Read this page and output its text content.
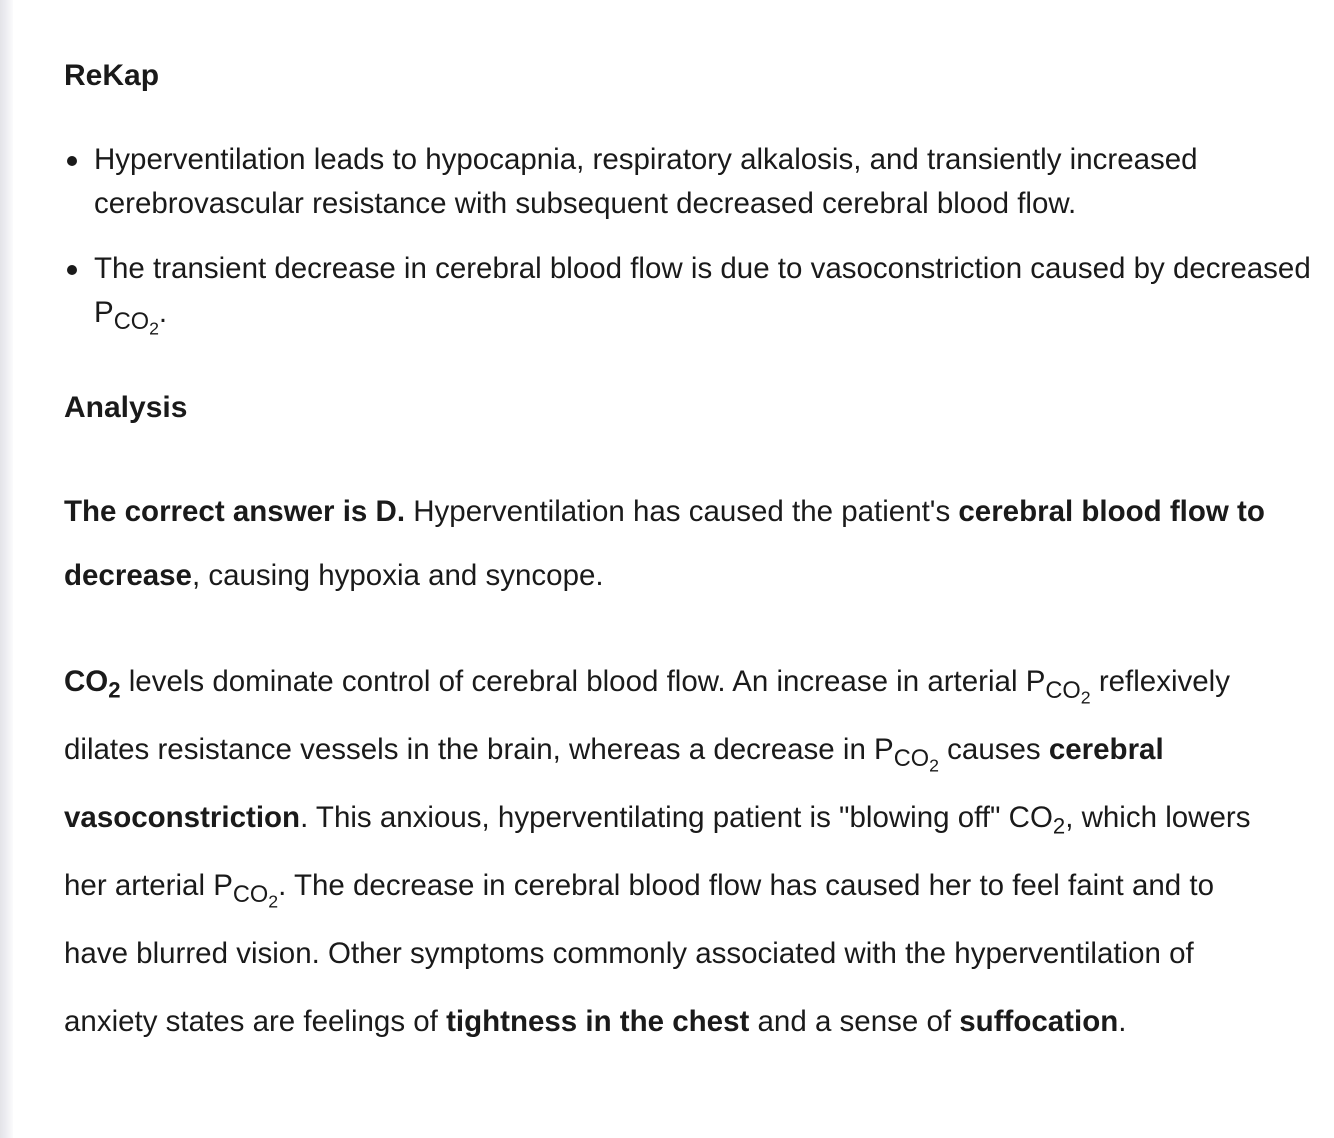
ReKap
Hyperventilation leads to hypocapnia, respiratory alkalosis, and transiently increased cerebrovascular resistance with subsequent decreased cerebral blood flow.
The transient decrease in cerebral blood flow is due to vasoconstriction caused by decreased $P_{CO_2}$.
Analysis

The correct answer is D. Hyperventilation has caused the patient's cerebral blood flow to decrease, causing hypoxia and syncope.

$CO_2$ levels dominate control of cerebral blood flow. An increase in arterial $P_{CO_2}$ reflexively dilates resistance vessels in the brain, whereas a decrease in $P_{CO_2}$ causes cerebral vasoconstriction. This anxious, hyperventilating patient is "blowing off" $CO_2$, which lowers her arterial $P_{CO_2}$. The decrease in cerebral blood flow has caused her to feel faint and to have blurred vision. Other symptoms commonly associated with the hyperventilation of anxiety states are feelings of tightness in the chest and a sense of suffocation.
